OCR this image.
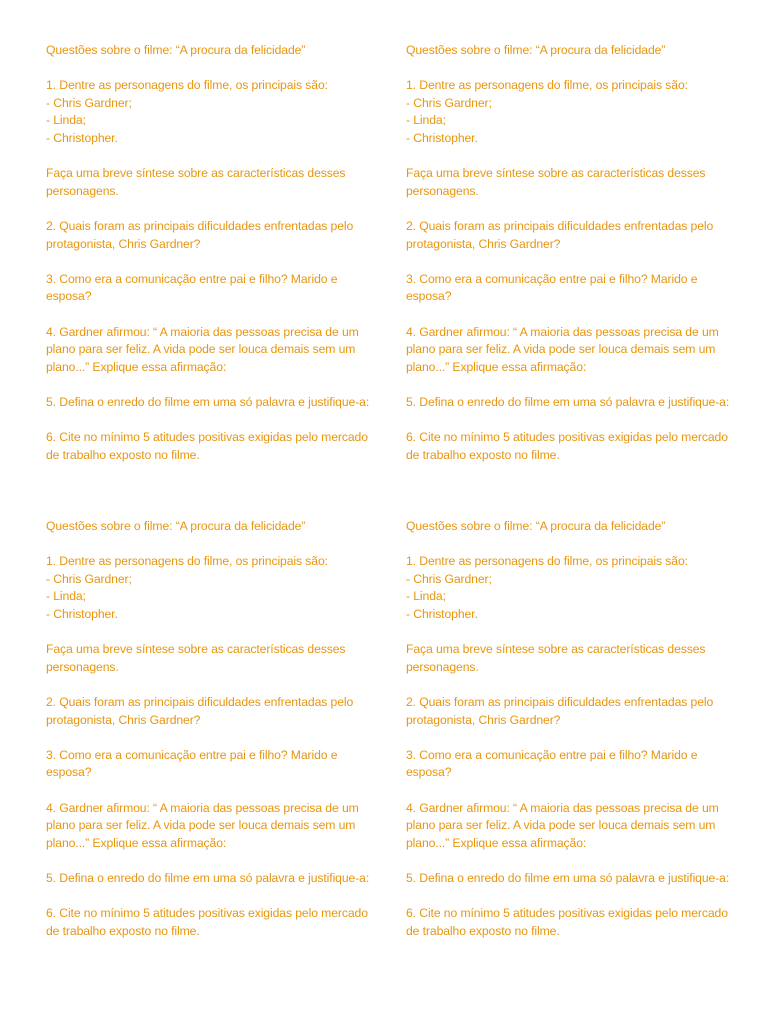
Questões sobre o filme: “A procura da felicidade”

1. Dentre as personagens do filme, os principais são:
- Chris Gardner;
- Linda;
- Christopher.

Faça uma breve síntese sobre as características desses personagens.

2. Quais foram as principais dificuldades enfrentadas pelo protagonista, Chris Gardner?

3. Como era a comunicação entre pai e filho? Marido e esposa?

4. Gardner afirmou: “ A maioria das pessoas precisa de um plano para ser feliz. A vida pode ser louca demais sem um plano...” Explique essa afirmação:

5. Defina o enredo do filme em uma só palavra e justifique-a:

6. Cite no mínimo 5 atitudes positivas exigidas pelo mercado de trabalho exposto no filme.

Questões sobre o filme: “A procura da felicidade”

1. Dentre as personagens do filme, os principais são:
- Chris Gardner;
- Linda;
- Christopher.

Faça uma breve síntese sobre as características desses personagens.

2. Quais foram as principais dificuldades enfrentadas pelo protagonista, Chris Gardner?

3. Como era a comunicação entre pai e filho? Marido e esposa?

4. Gardner afirmou: “ A maioria das pessoas precisa de um plano para ser feliz. A vida pode ser louca demais sem um plano...” Explique essa afirmação:

5. Defina o enredo do filme em uma só palavra e justifique-a:

6. Cite no mínimo 5 atitudes positivas exigidas pelo mercado de trabalho exposto no filme.

Questões sobre o filme: “A procura da felicidade”

1. Dentre as personagens do filme, os principais são:
- Chris Gardner;
- Linda;
- Christopher.

Faça uma breve síntese sobre as características desses personagens.

2. Quais foram as principais dificuldades enfrentadas pelo protagonista, Chris Gardner?

3. Como era a comunicação entre pai e filho? Marido e esposa?

4. Gardner afirmou: “ A maioria das pessoas precisa de um plano para ser feliz. A vida pode ser louca demais sem um plano...” Explique essa afirmação:

5. Defina o enredo do filme em uma só palavra e justifique-a:

6. Cite no mínimo 5 atitudes positivas exigidas pelo mercado de trabalho exposto no filme.

Questões sobre o filme: “A procura da felicidade”

1. Dentre as personagens do filme, os principais são:
- Chris Gardner;
- Linda;
- Christopher.

Faça uma breve síntese sobre as características desses personagens.

2. Quais foram as principais dificuldades enfrentadas pelo protagonista, Chris Gardner?

3. Como era a comunicação entre pai e filho? Marido e esposa?

4. Gardner afirmou: “ A maioria das pessoas precisa de um plano para ser feliz. A vida pode ser louca demais sem um plano...” Explique essa afirmação:

5. Defina o enredo do filme em uma só palavra e justifique-a:

6. Cite no mínimo 5 atitudes positivas exigidas pelo mercado de trabalho exposto no filme.
